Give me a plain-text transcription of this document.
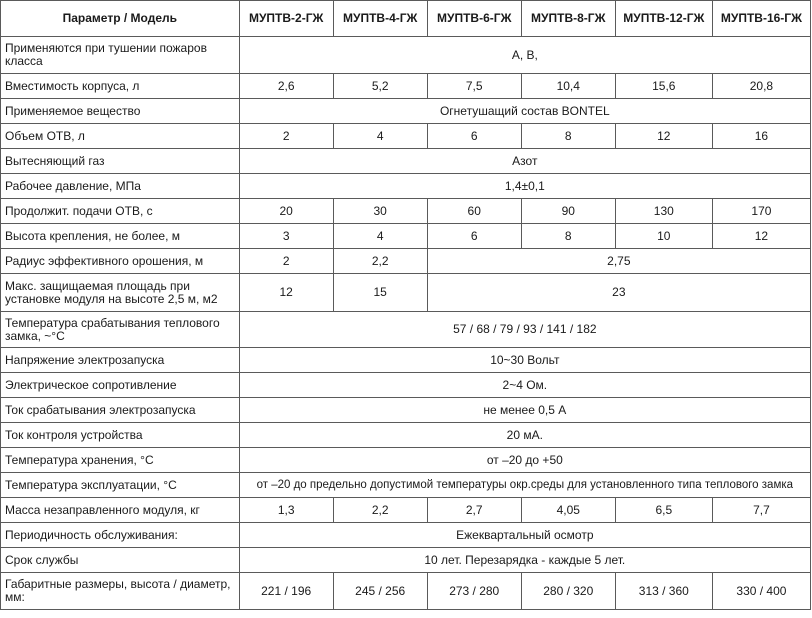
Параметр / Модель	МУПТВ-2-ГЖ	МУПТВ-4-ГЖ	МУПТВ-6-ГЖ	МУПТВ-8-ГЖ	МУПТВ-12-ГЖ	МУПТВ-16-ГЖ
Применяются при тушении пожаров класса	А, В,					
Вместимость корпуса, л	2,6	5,2	7,5	10,4	15,6	20,8
Применяемое вещество	Огнетушащий состав BONTEL					
Объем ОТВ, л	2	4	6	8	12	16
Вытесняющий газ	Азот					
Рабочее давление, МПа	1,4±0,1					
Продолжит. подачи ОТВ, с	20	30	60	90	130	170
Высота крепления, не более, м	3	4	6	8	10	12
Радиус эффективного орошения, м	2	2,2	2,75			
Макс. защищаемая площадь при установке модуля на высоте 2,5 м, м2	12	15	23			
Температура срабатывания теплового замка, ~°С	57 / 68 / 79 / 93 / 141 / 182					
Напряжение электрозапуска	10~30 Вольт					
Электрическое сопротивление	2~4 Ом.					
Ток срабатывания электрозапуска	не менее 0,5 А					
Ток контроля устройства	20 мА.					
Температура хранения, °С	от –20 до +50					
Температура эксплуатации, °С	от –20 до предельно допустимой температуры окр.среды для установленного типа теплового замка					
Масса незаправленного модуля, кг	1,3	2,2	2,7	4,05	6,5	7,7
Периодичность обслуживания:	Ежеквартальный осмотр					
Срок службы	10 лет. Перезарядка - каждые 5 лет.					
Габаритные размеры, высота / диаметр, мм:	221 / 196	245 / 256	273 / 280	280 / 320	313 / 360	330 / 400
